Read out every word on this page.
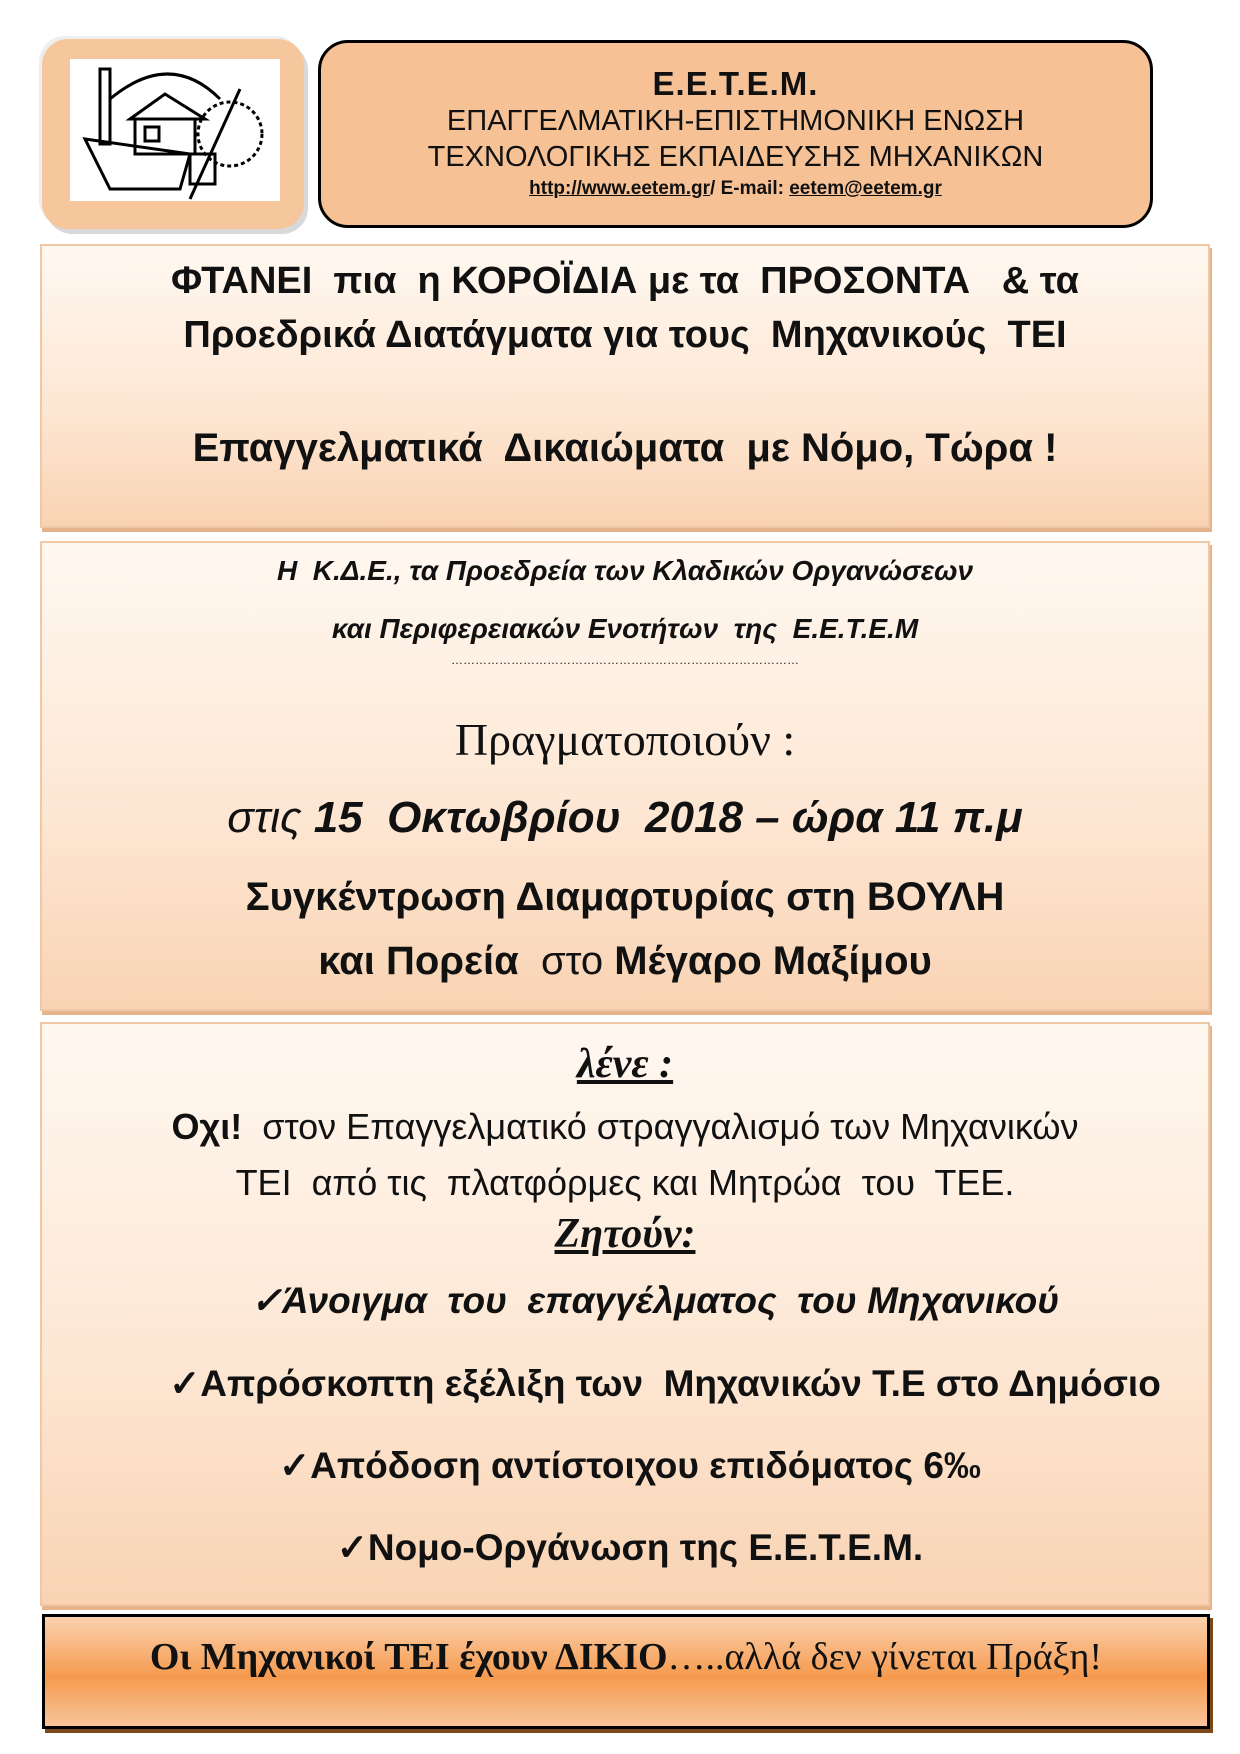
Ε.Ε.Τ.Ε.Μ.
ΕΠΑΓΓΕΛΜΑΤΙΚΗ-ΕΠΙΣΤΗΜΟΝΙΚΗ ΕΝΩΣΗ
ΤΕΧΝΟΛΟΓΙΚΗΣ ΕΚΠΑΙΔΕΥΣΗΣ ΜΗΧΑΝΙΚΩΝ
http://www.eetem.gr/ E-mail: eetem@eetem.gr
ΦΤΑΝΕΙ  πια  η ΚΟΡΟΪΔΙΑ με τα  ΠΡΟΣΟΝΤΑ   & τα
Προεδρικά Διατάγματα για τους  Μηχανικούς  ΤΕΙ
Επαγγελματικά  Δικαιώματα  με Νόμο, Τώρα !
Η  Κ.Δ.Ε., τα Προεδρεία των Κλαδικών Οργανώσεων
και Περιφερειακών Ενοτήτων  της  Ε.Ε.Τ.Ε.Μ
……………………………………………………………………………
Πραγματοποιούν :
στις 15  Οκτωβρίου  2018 – ώρα 11 π.μ
Συγκέντρωση Διαμαρτυρίας στη ΒΟΥΛΗ
και Πορεία  στο Μέγαρο Μαξίμου
λένε :
Οχι!  στον Επαγγελματικό στραγγαλισμό των Μηχανικών
ΤΕΙ  από τις  πλατφόρμες και Μητρώα  του  ΤΕΕ.
Ζητούν:
✓Άνοιγμα  του  επαγγέλματος  του Μηχανικού
✓Απρόσκοπτη εξέλιξη των  Μηχανικών Τ.Ε στο Δημόσιο
✓Απόδοση αντίστοιχου επιδόματος 6‰
✓Νομο-Οργάνωση της Ε.Ε.Τ.Ε.Μ.
Οι Μηχανικοί ΤΕΙ έχουν ΔΙΚΙΟ…..αλλά δεν γίνεται Πράξη!
